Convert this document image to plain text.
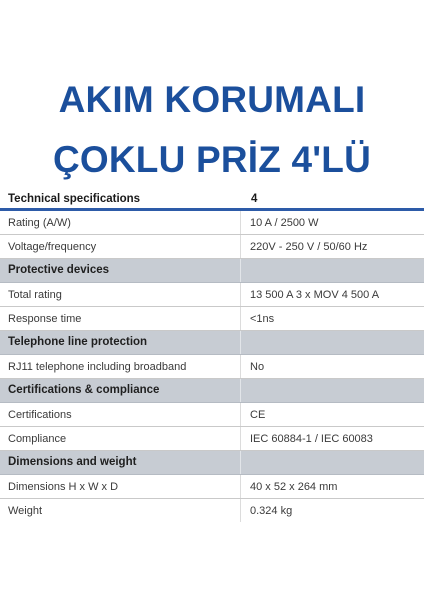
AKIM KORUMALI
ÇOKLU PRİZ 4'LÜ
Technical specifications	4
Rating (A/W)	10 A / 2500 W
Voltage/frequency	220V - 250 V / 50/60 Hz
Protective devices
Total rating	13 500 A 3 x MOV 4 500 A
Response time	<1ns
Telephone line protection
RJ11 telephone including broadband	No
Certifications & compliance
Certifications	CE
Compliance	IEC 60884-1 / IEC 60083
Dimensions and weight
Dimensions H x W x D	40 x 52 x 264 mm
Weight	0.324 kg
